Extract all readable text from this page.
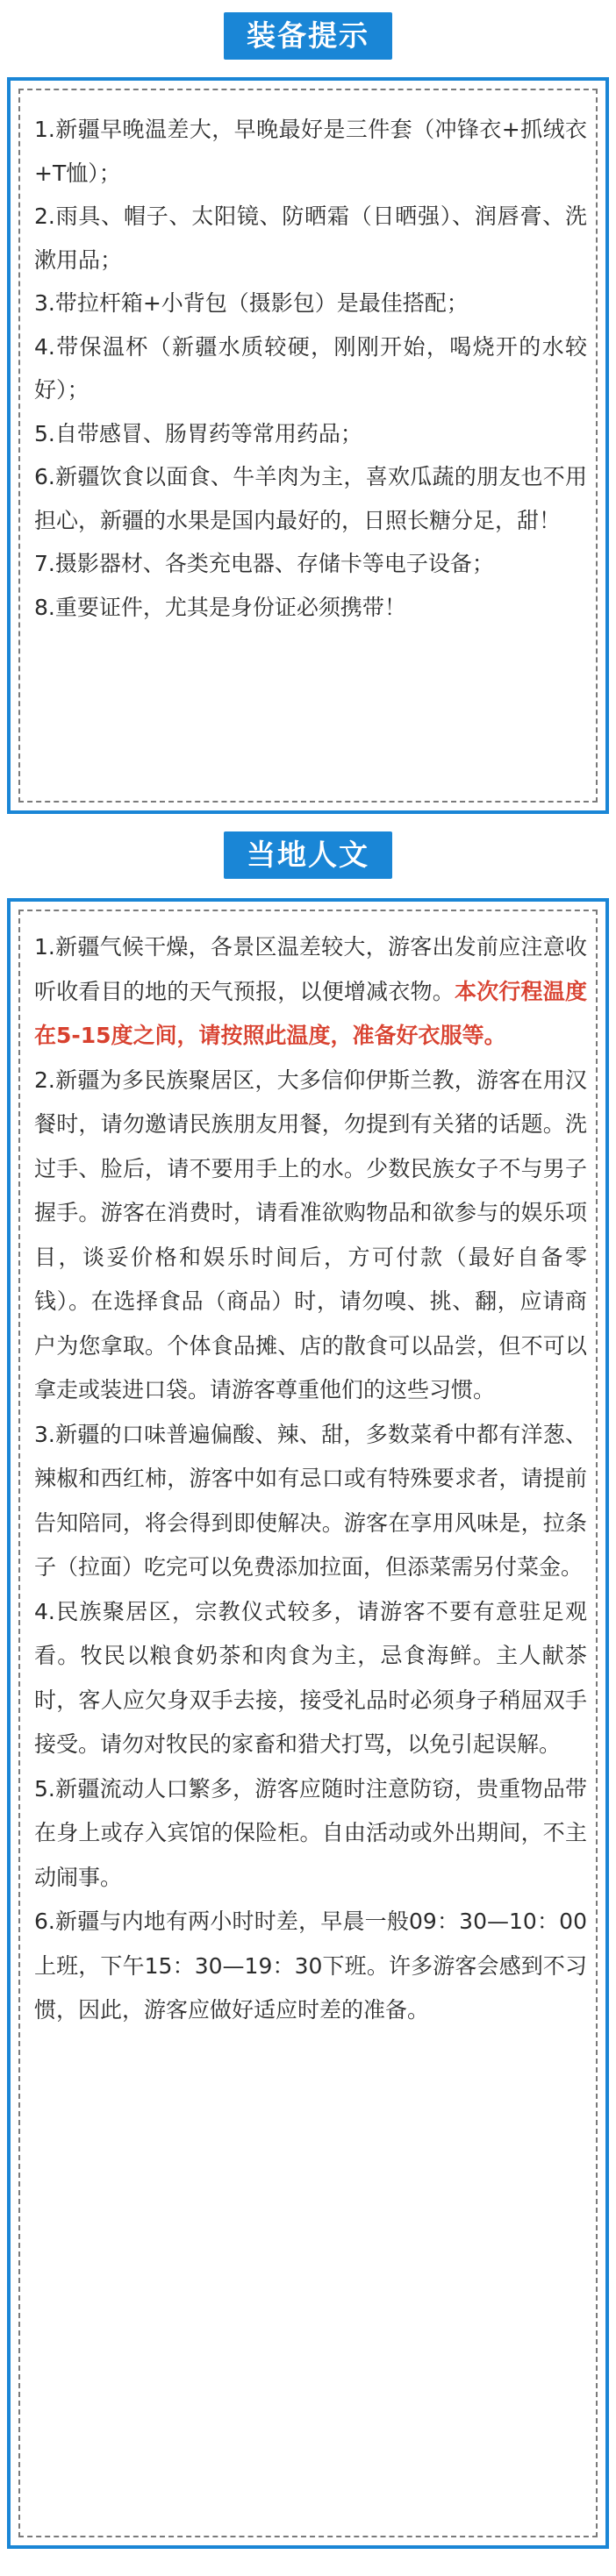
装备提示

1.新疆早晚温差大，早晚最好是三件套（冲锋衣+抓绒衣+T恤）；

2.雨具、帽子、太阳镜、防晒霜（日晒强）、润唇膏、洗漱用品；

3.带拉杆箱+小背包（摄影包）是最佳搭配；

4.带保温杯（新疆水质较硬，刚刚开始，喝烧开的水较好）；

5.自带感冒、肠胃药等常用药品；

6.新疆饮食以面食、牛羊肉为主，喜欢瓜蔬的朋友也不用担心，新疆的水果是国内最好的，日照长糖分足，甜！

7.摄影器材、各类充电器、存储卡等电子设备；

8.重要证件，尤其是身份证必须携带！

当地人文

1.新疆气候干燥，各景区温差较大，游客出发前应注意收听收看目的地的天气预报，以便增减衣物。本次行程温度在5-15度之间，请按照此温度，准备好衣服等。

2.新疆为多民族聚居区，大多信仰伊斯兰教，游客在用汉餐时，请勿邀请民族朋友用餐，勿提到有关猪的话题。洗过手、脸后，请不要用手上的水。少数民族女子不与男子握手。游客在消费时，请看准欲购物品和欲参与的娱乐项目，谈妥价格和娱乐时间后，方可付款（最好自备零钱）。在选择食品（商品）时，请勿嗅、挑、翻，应请商户为您拿取。个体食品摊、店的散食可以品尝，但不可以拿走或装进口袋。请游客尊重他们的这些习惯。

3.新疆的口味普遍偏酸、辣、甜，多数菜肴中都有洋葱、辣椒和西红柿，游客中如有忌口或有特殊要求者，请提前告知陪同，将会得到即使解决。游客在享用风味是，拉条子（拉面）吃完可以免费添加拉面，但添菜需另付菜金。

4.民族聚居区，宗教仪式较多，请游客不要有意驻足观看。牧民以粮食奶茶和肉食为主，忌食海鲜。主人献茶时，客人应欠身双手去接，接受礼品时必须身子稍屈双手接受。请勿对牧民的家畜和猎犬打骂，以免引起误解。

5.新疆流动人口繁多，游客应随时注意防窃，贵重物品带在身上或存入宾馆的保险柜。自由活动或外出期间，不主动闹事。

6.新疆与内地有两小时时差，早晨一般09：30—10：00上班，下午15：30—19：30下班。许多游客会感到不习惯，因此，游客应做好适应时差的准备。
